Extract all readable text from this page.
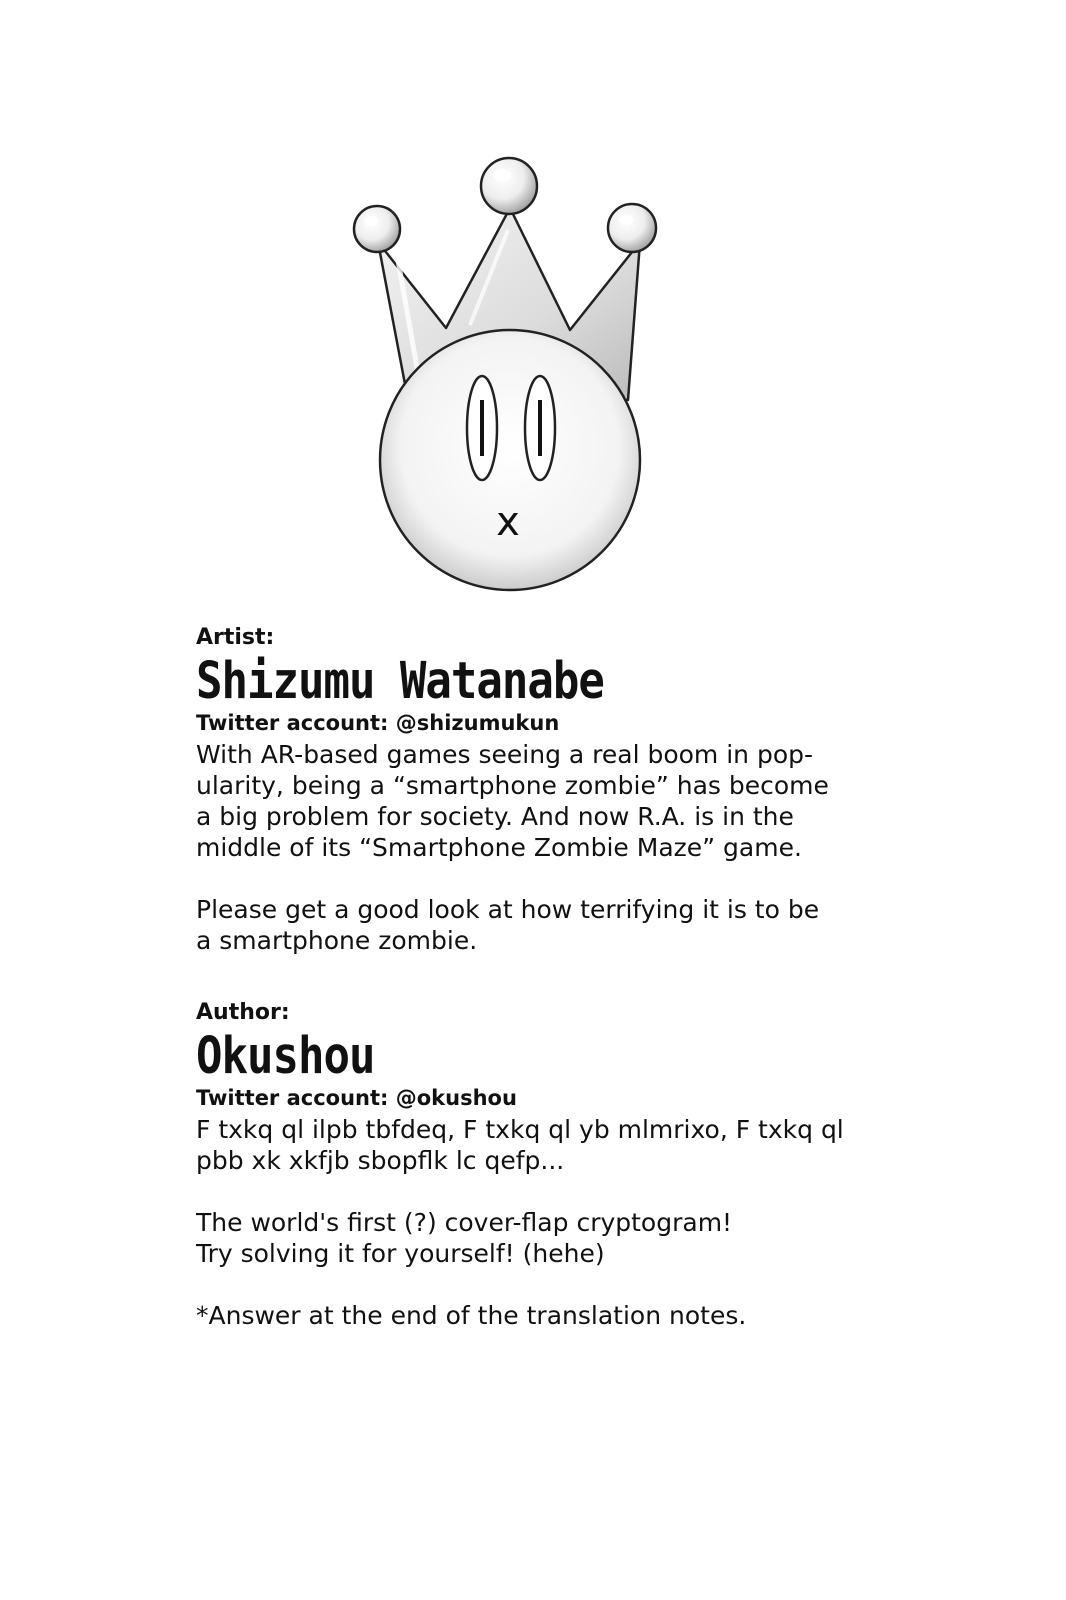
x

Artist:

Shizumu Watanabe

Twitter account: @shizumukun

With AR-based games seeing a real boom in pop-
ularity, being a “smartphone zombie” has become
a big problem for society. And now R.A. is in the
middle of its “Smartphone Zombie Maze” game.

Please get a good look at how terrifying it is to be
a smartphone zombie.

Author:

Okushou

Twitter account: @okushou

F txkq ql ilpb tbfdeq, F txkq ql yb mlmrixo, F txkq ql
pbb xk xkfjb sbopflk lc qefp...

The world's first (?) cover-flap cryptogram!
Try solving it for yourself! (hehe)

*Answer at the end of the translation notes.
